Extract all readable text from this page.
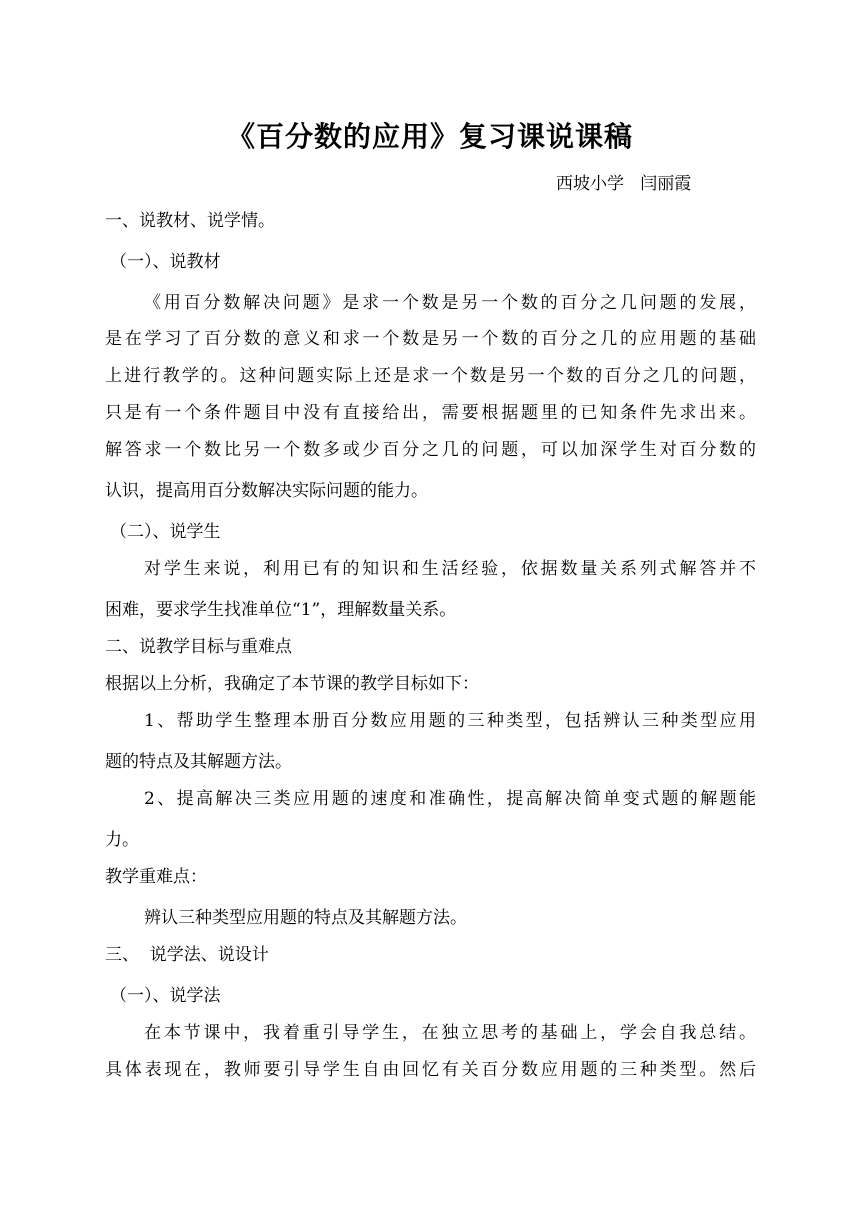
《百分数的应用》复习课说课稿
西坡小学   闫丽霞
一、说教材、说学情。
（一）、说教材
《用百分数解决问题》是求一个数是另一个数的百分之几问题的发展，
是在学习了百分数的意义和求一个数是另一个数的百分之几的应用题的基础
上进行教学的。这种问题实际上还是求一个数是另一个数的百分之几的问题，
只是有一个条件题目中没有直接给出，需要根据题里的已知条件先求出来。
解答求一个数比另一个数多或少百分之几的问题，可以加深学生对百分数的
认识，提高用百分数解决实际问题的能力。
（二）、说学生
对学生来说，利用已有的知识和生活经验，依据数量关系列式解答并不
困难，要求学生找准单位“1”，理解数量关系。
二、说教学目标与重难点
根据以上分析，我确定了本节课的教学目标如下：
1、帮助学生整理本册百分数应用题的三种类型，包括辨认三种类型应用
题的特点及其解题方法。
2、提高解决三类应用题的速度和准确性，提高解决简单变式题的解题能
力。
教学重难点：
辨认三种类型应用题的特点及其解题方法。
三、  说学法、说设计
（一）、说学法
在本节课中，我着重引导学生，在独立思考的基础上，学会自我总结。
具体表现在，教师要引导学生自由回忆有关百分数应用题的三种类型。然后
